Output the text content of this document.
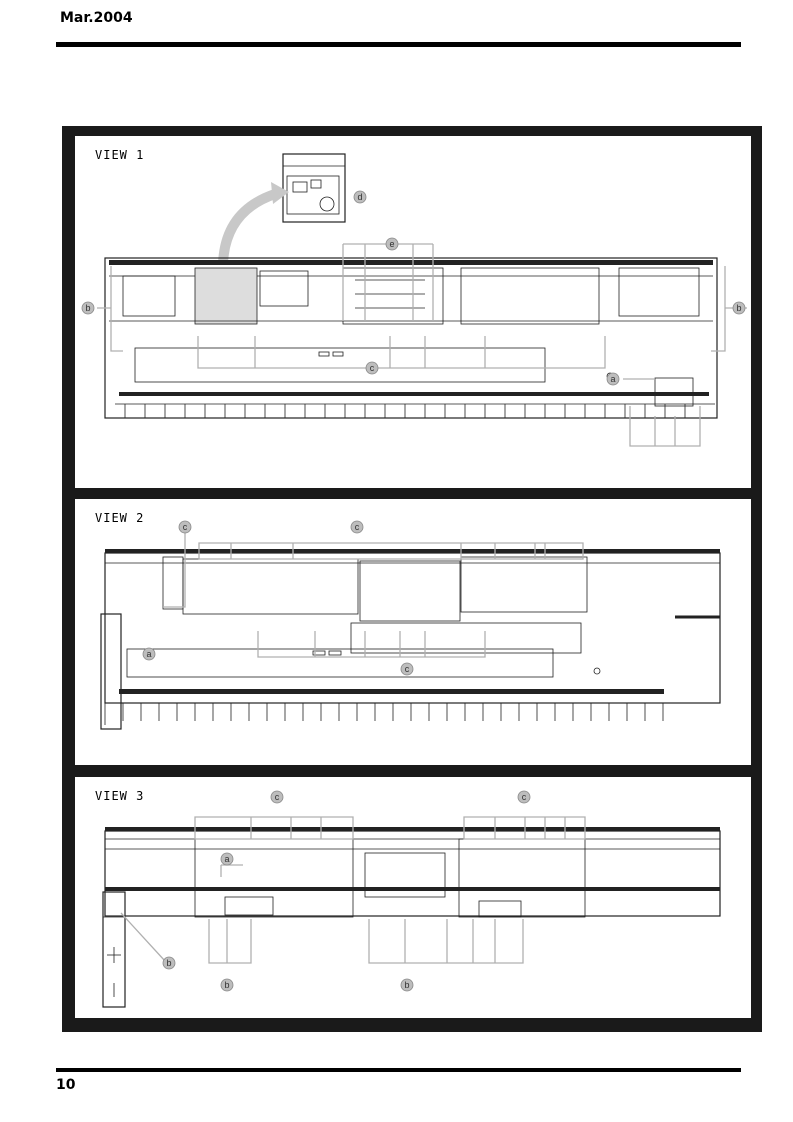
Mar.2004
VIEW 1
d
e
b	b
c
a
VIEW 2
c	c
a
c
VIEW 3	c	c
a
b
b	b
10
